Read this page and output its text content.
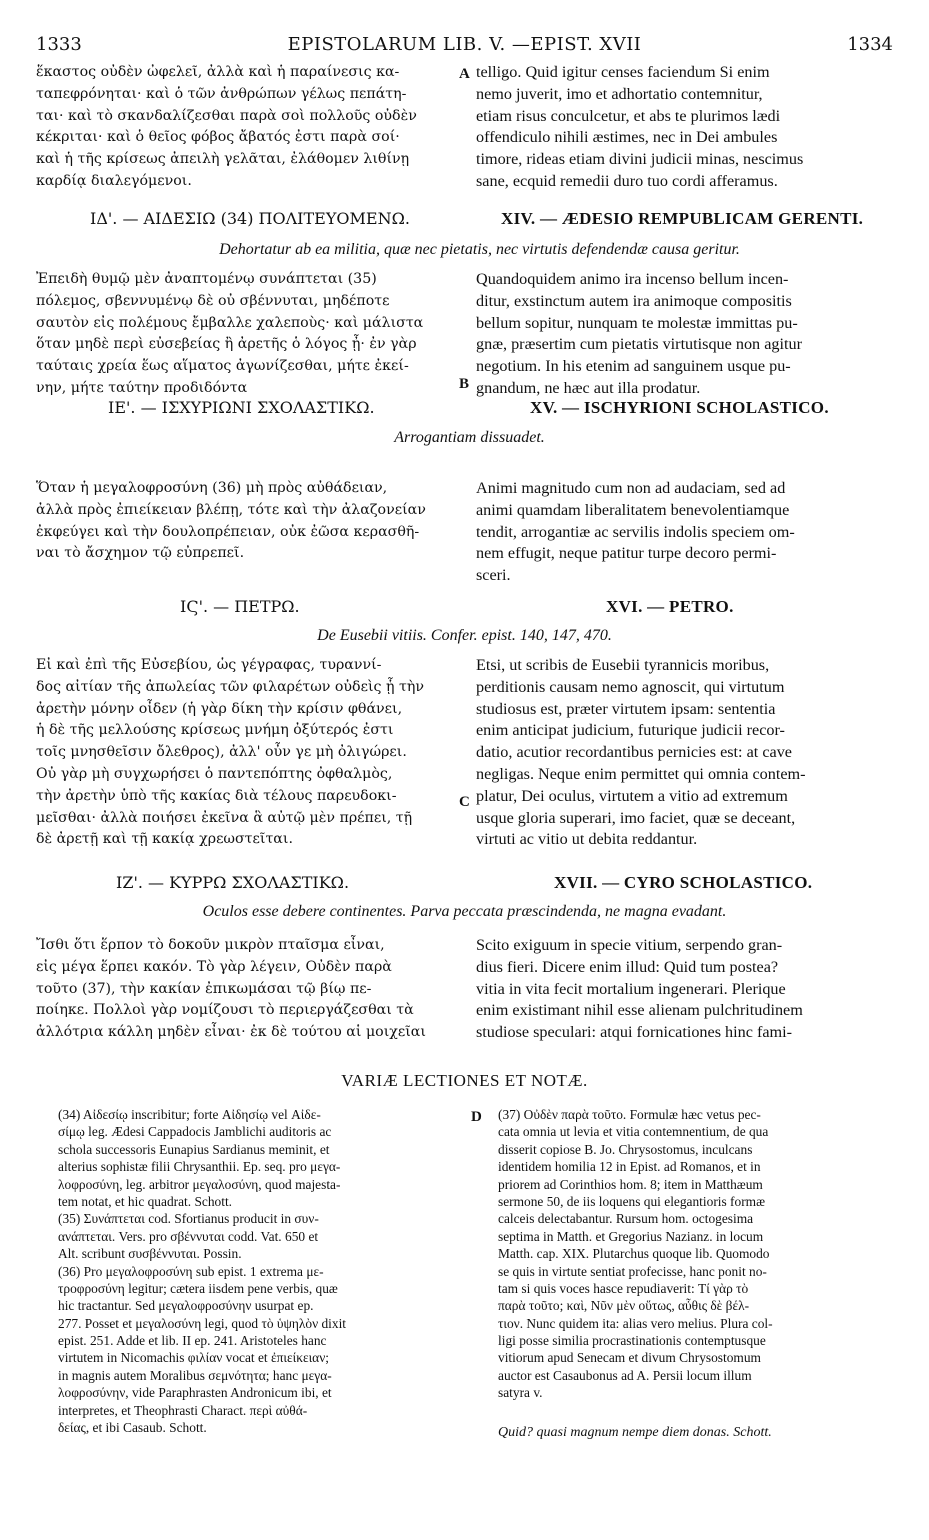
1333	EPISTOLARUM LIB. V. —EPIST. XVII	1334
A
B
C
D
ἕκαστος οὐδὲν ὠφελεῖ, ἀλλὰ καὶ ἡ παραίνεσις κα-
ταπεφρόνηται· καὶ ὁ τῶν ἀνθρώπων γέλως πεπάτη-
ται· καὶ τὸ σκανδαλίζεσθαι παρὰ σοὶ πολλοῦς οὐδὲν
κέκριται· καὶ ὁ θεῖος φόβος ἄβατός ἐστι παρὰ σοί·
καὶ ἡ τῆς κρίσεως ἀπειλὴ γελᾶται, ἐλάθομεν λιθίνῃ
καρδίᾳ διαλεγόμενοι.
telligo. Quid igitur censes faciendum Si enim
nemo juverit, imo et adhortatio contemnitur,
etiam risus conculcetur, et abs te plurimos lædi
offendiculo nihili æstimes, nec in Dei ambules
timore, rideas etiam divini judicii minas, nescimus
sane, ecquid remedii duro tuo cordi afferamus.
ΙΔ'. — ΑΙΔΕΣΙΩ (34) ΠΟΛΙΤΕΥΟΜΕΝΩ.	XIV. — ÆDESIO REMPUBLICAM GERENTI.
Dehortatur ab ea militia, quæ nec pietatis, nec virtutis defendendæ causa geritur.
Ἐπειδὴ θυμῷ μὲν ἀναπτομένῳ συνάπτεται (35)
πόλεμος, σβεννυμένῳ δὲ οὐ σβέννυται, μηδέποτε
σαυτὸν εἰς πολέμους ἔμβαλλε χαλεποὺς· καὶ μάλιστα
ὅταν μηδὲ περὶ εὐσεβείας ἢ ἀρετῆς ὁ λόγος ᾖ· ἐν γὰρ
ταύταις χρεία ἕως αἵματος ἀγωνίζεσθαι, μήτε ἐκεί-
νην, μήτε ταύτην προδιδόντα
Quandoquidem animo ira incenso bellum incen-
ditur, exstinctum autem ira animoque compositis
bellum sopitur, nunquam te molestæ immittas pu-
gnæ, præsertim cum pietatis virtutisque non agitur
negotium. In his etenim ad sanguinem usque pu-
gnandum, ne hæc aut illa prodatur.
ΙΕ'. — ΙΣΧΥΡΙΩΝΙ ΣΧΟΛΑΣΤΙΚΩ.	XV. — ISCHYRIONI SCHOLASTICO.
Arrogantiam dissuadet.
Ὅταν ἡ μεγαλοφροσύνη (36) μὴ πρὸς αὐθάδειαν,
ἀλλὰ πρὸς ἐπιείκειαν βλέπῃ, τότε καὶ τὴν ἀλαζονείαν
ἐκφεύγει καὶ τὴν δουλοπρέπειαν, οὐκ ἐῶσα κερασθῆ-
ναι τὸ ἄσχημον τῷ εὐπρεπεῖ.
Animi magnitudo cum non ad audaciam, sed ad
animi quamdam liberalitatem benevolentiamque
tendit, arrogantiæ ac servilis indolis speciem om-
nem effugit, neque patitur turpe decoro permi-
sceri.
ΙϚ'. — ΠΕΤΡΩ.	XVI. — PETRO.
De Eusebii vitiis. Confer. epist. 140, 147, 470.
Εἰ καὶ ἐπὶ τῆς Εὐσεβίου, ὡς γέγραφας, τυραννί-
δος αἰτίαν τῆς ἀπωλείας τῶν φιλαρέτων οὐδεὶς ᾗ τὴν
ἀρετὴν μόνην οἶδεν (ἡ γὰρ δίκη τὴν κρίσιν φθάνει,
ἡ δὲ τῆς μελλούσης κρίσεως μνήμη ὀξύτερός ἐστι
τοῖς μνησθεῖσιν ὄλεθρος), ἀλλ' οὖν γε μὴ ὀλιγώρει.
Οὐ γὰρ μὴ συγχωρήσει ὁ παντεπόπτης ὀφθαλμὸς,
τὴν ἀρετὴν ὑπὸ τῆς κακίας διὰ τέλους παρευδοκι-
μεῖσθαι· ἀλλὰ ποιήσει ἐκεῖνα ἃ αὐτῷ μὲν πρέπει, τῇ
δὲ ἀρετῇ καὶ τῇ κακίᾳ χρεωστεῖται.
Etsi, ut scribis de Eusebii tyrannicis moribus,
perditionis causam nemo agnoscit, qui virtutum
studiosus est, præter virtutem ipsam: sententia
enim anticipat judicium, futurique judicii recor-
datio, acutior recordantibus pernicies est: at cave
negligas. Neque enim permittet qui omnia contem-
platur, Dei oculus, virtutem a vitio ad extremum
usque gloria superari, imo faciet, quæ se deceant,
virtuti ac vitio ut debita reddantur.
ΙΖ'. — ΚΥΡΡΩ ΣΧΟΛΑΣΤΙΚΩ.	XVII. — CYRO SCHOLASTICO.
Oculos esse debere continentes. Parva peccata præscindenda, ne magna evadant.
Ἴσθι ὅτι ἕρπον τὸ δοκοῦν μικρὸν πταῖσμα εἶναι,
εἰς μέγα ἕρπει κακόν. Τὸ γὰρ λέγειν, Οὐδὲν παρὰ
τοῦτο (37), τὴν κακίαν ἐπικωμάσαι τῷ βίῳ πε-
ποίηκε. Πολλοὶ γὰρ νομίζουσι τὸ περιεργάζεσθαι τὰ
ἀλλότρια κάλλη μηδὲν εἶναι· ἐκ δὲ τούτου αἱ μοιχεῖαι
Scito exiguum in specie vitium, serpendo gran-
dius fieri. Dicere enim illud: Quid tum postea?
vitia in vita fecit mortalium ingenerari. Plerique
enim existimant nihil esse alienam pulchritudinem
studiose speculari: atqui fornicationes hinc fami-
VARIÆ LECTIONES ET NOTÆ.
(34) Αἰδεσίῳ inscribitur; forte Αἰδησίῳ vel Αἰδε-
σίμῳ leg. Ædesi Cappadocis Jamblichi auditoris ac
schola successoris Eunapius Sardianus meminit, et
alterius sophistæ filii Chrysanthii. Ep. seq. pro μεγα-
λοφροσύνη, leg. arbitror μεγαλοσύνη, quod majesta-
tem notat, et hic quadrat. Schott.
(35) Συνάπτεται cod. Sfortianus producit in συν-
ανάπτεται. Vers. pro σβέννυται codd. Vat. 650 et
Alt. scribunt συσβέννυται. Possin.
(36) Pro μεγαλοφροσύνη sub epist. 1 extrema με-
τροφροσύνη legitur; cætera iisdem pene verbis, quæ
hic tractantur. Sed μεγαλοφροσύνην usurpat ep.
277. Posset et μεγαλοσύνη legi, quod τὸ ὑψηλὸν dixit
epist. 251. Adde et lib. II ep. 241. Aristoteles hanc
virtutem in Nicomachis φιλίαν vocat et ἐπιείκειαν;
in magnis autem Moralibus σεμνότητα; hanc μεγα-
λοφροσύνην, vide Paraphrasten Andronicum ibi, et
interpretes, et Theophrasti Charact. περὶ αὐθά-
δείας, et ibi Casaub. Schott.
(37) Οὐδὲν παρὰ τοῦτο. Formulæ hæc vetus pec-
cata omnia ut levia et vitia contemnentium, de qua
disserit copiose B. Jo. Chrysostomus, inculcans
identidem homilia 12 in Epist. ad Romanos, et in
priorem ad Corinthios hom. 8; item in Matthæum
sermone 50, de iis loquens qui elegantioris formæ
calceis delectabantur. Rursum hom. octogesima
septima in Matth. et Gregorius Nazianz. in locum
Matth. cap. XIX. Plutarchus quoque lib. Quomodo
se quis in virtute sentiat profecisse, hanc ponit no-
tam si quis voces hasce repudiaverit: Τί γὰρ τὸ
παρὰ τοῦτο; καὶ, Νῦν μὲν οὕτως, αὖθις δὲ βέλ-
τιον. Nunc quidem ita: alias vero melius. Plura col-
ligi posse similia procrastinationis contemptusque
vitiorum apud Senecam et divum Chrysostomum
auctor est Casaubonus ad A. Persii locum illum
satyra v.
Quid? quasi magnum nempe diem donas. Schott.
